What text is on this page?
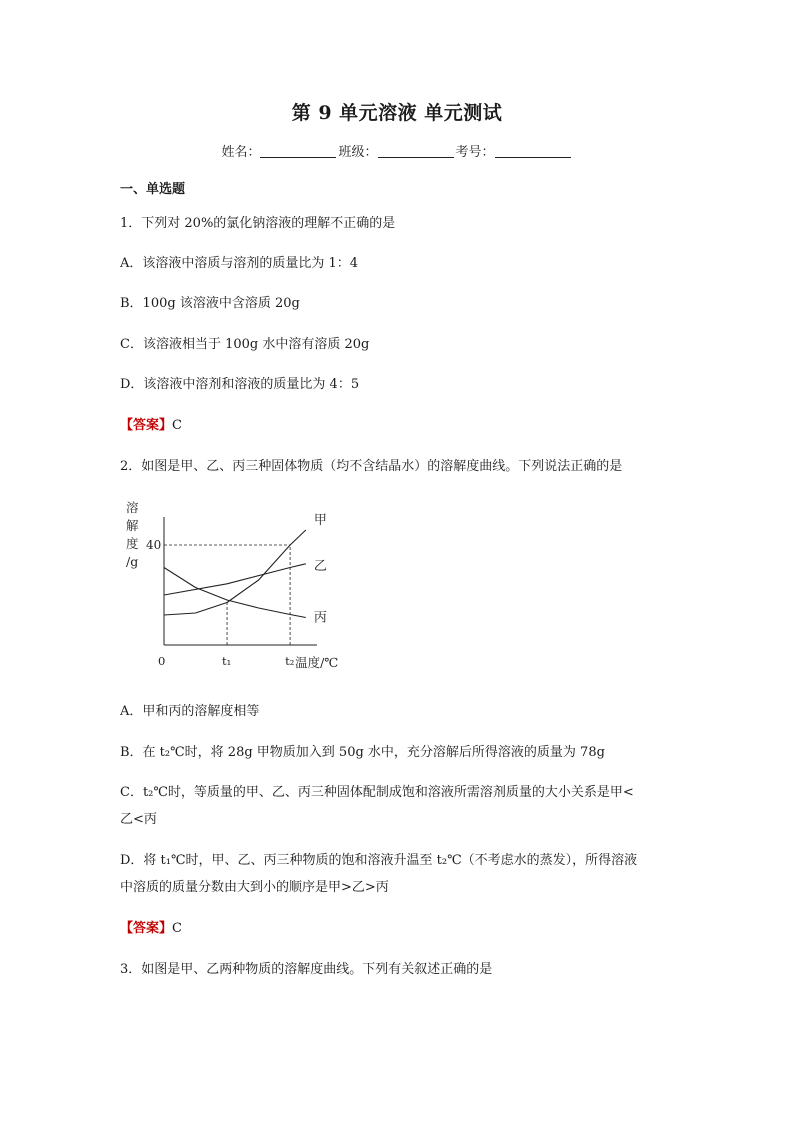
第 9 单元溶液 单元测试
姓名：	班级：	考号：
一、单选题
1．下列对 20%的氯化钠溶液的理解不正确的是
A．该溶液中溶质与溶剂的质量比为 1：4
B．100g 该溶液中含溶质 20g
C．该溶液相当于 100g 水中溶有溶质 20g
D．该溶液中溶剂和溶液的质量比为 4：5
【答案】C
2．如图是甲、乙、丙三种固体物质（均不含结晶水）的溶解度曲线。下列说法正确的是
甲
乙
丙
溶
解
度
/g
40
0	t₁	t₂ 温度/℃
A．甲和丙的溶解度相等
B．在 t₂℃时，将 28g 甲物质加入到 50g 水中，充分溶解后所得溶液的质量为 78g
C．t₂℃时，等质量的甲、乙、丙三种固体配制成饱和溶液所需溶剂质量的大小关系是甲<
乙<丙
D．将 t₁℃时，甲、乙、丙三种物质的饱和溶液升温至 t₂℃（不考虑水的蒸发），所得溶液
中溶质的质量分数由大到小的顺序是甲>乙>丙
【答案】C
3．如图是甲、乙两种物质的溶解度曲线。下列有关叙述正确的是
